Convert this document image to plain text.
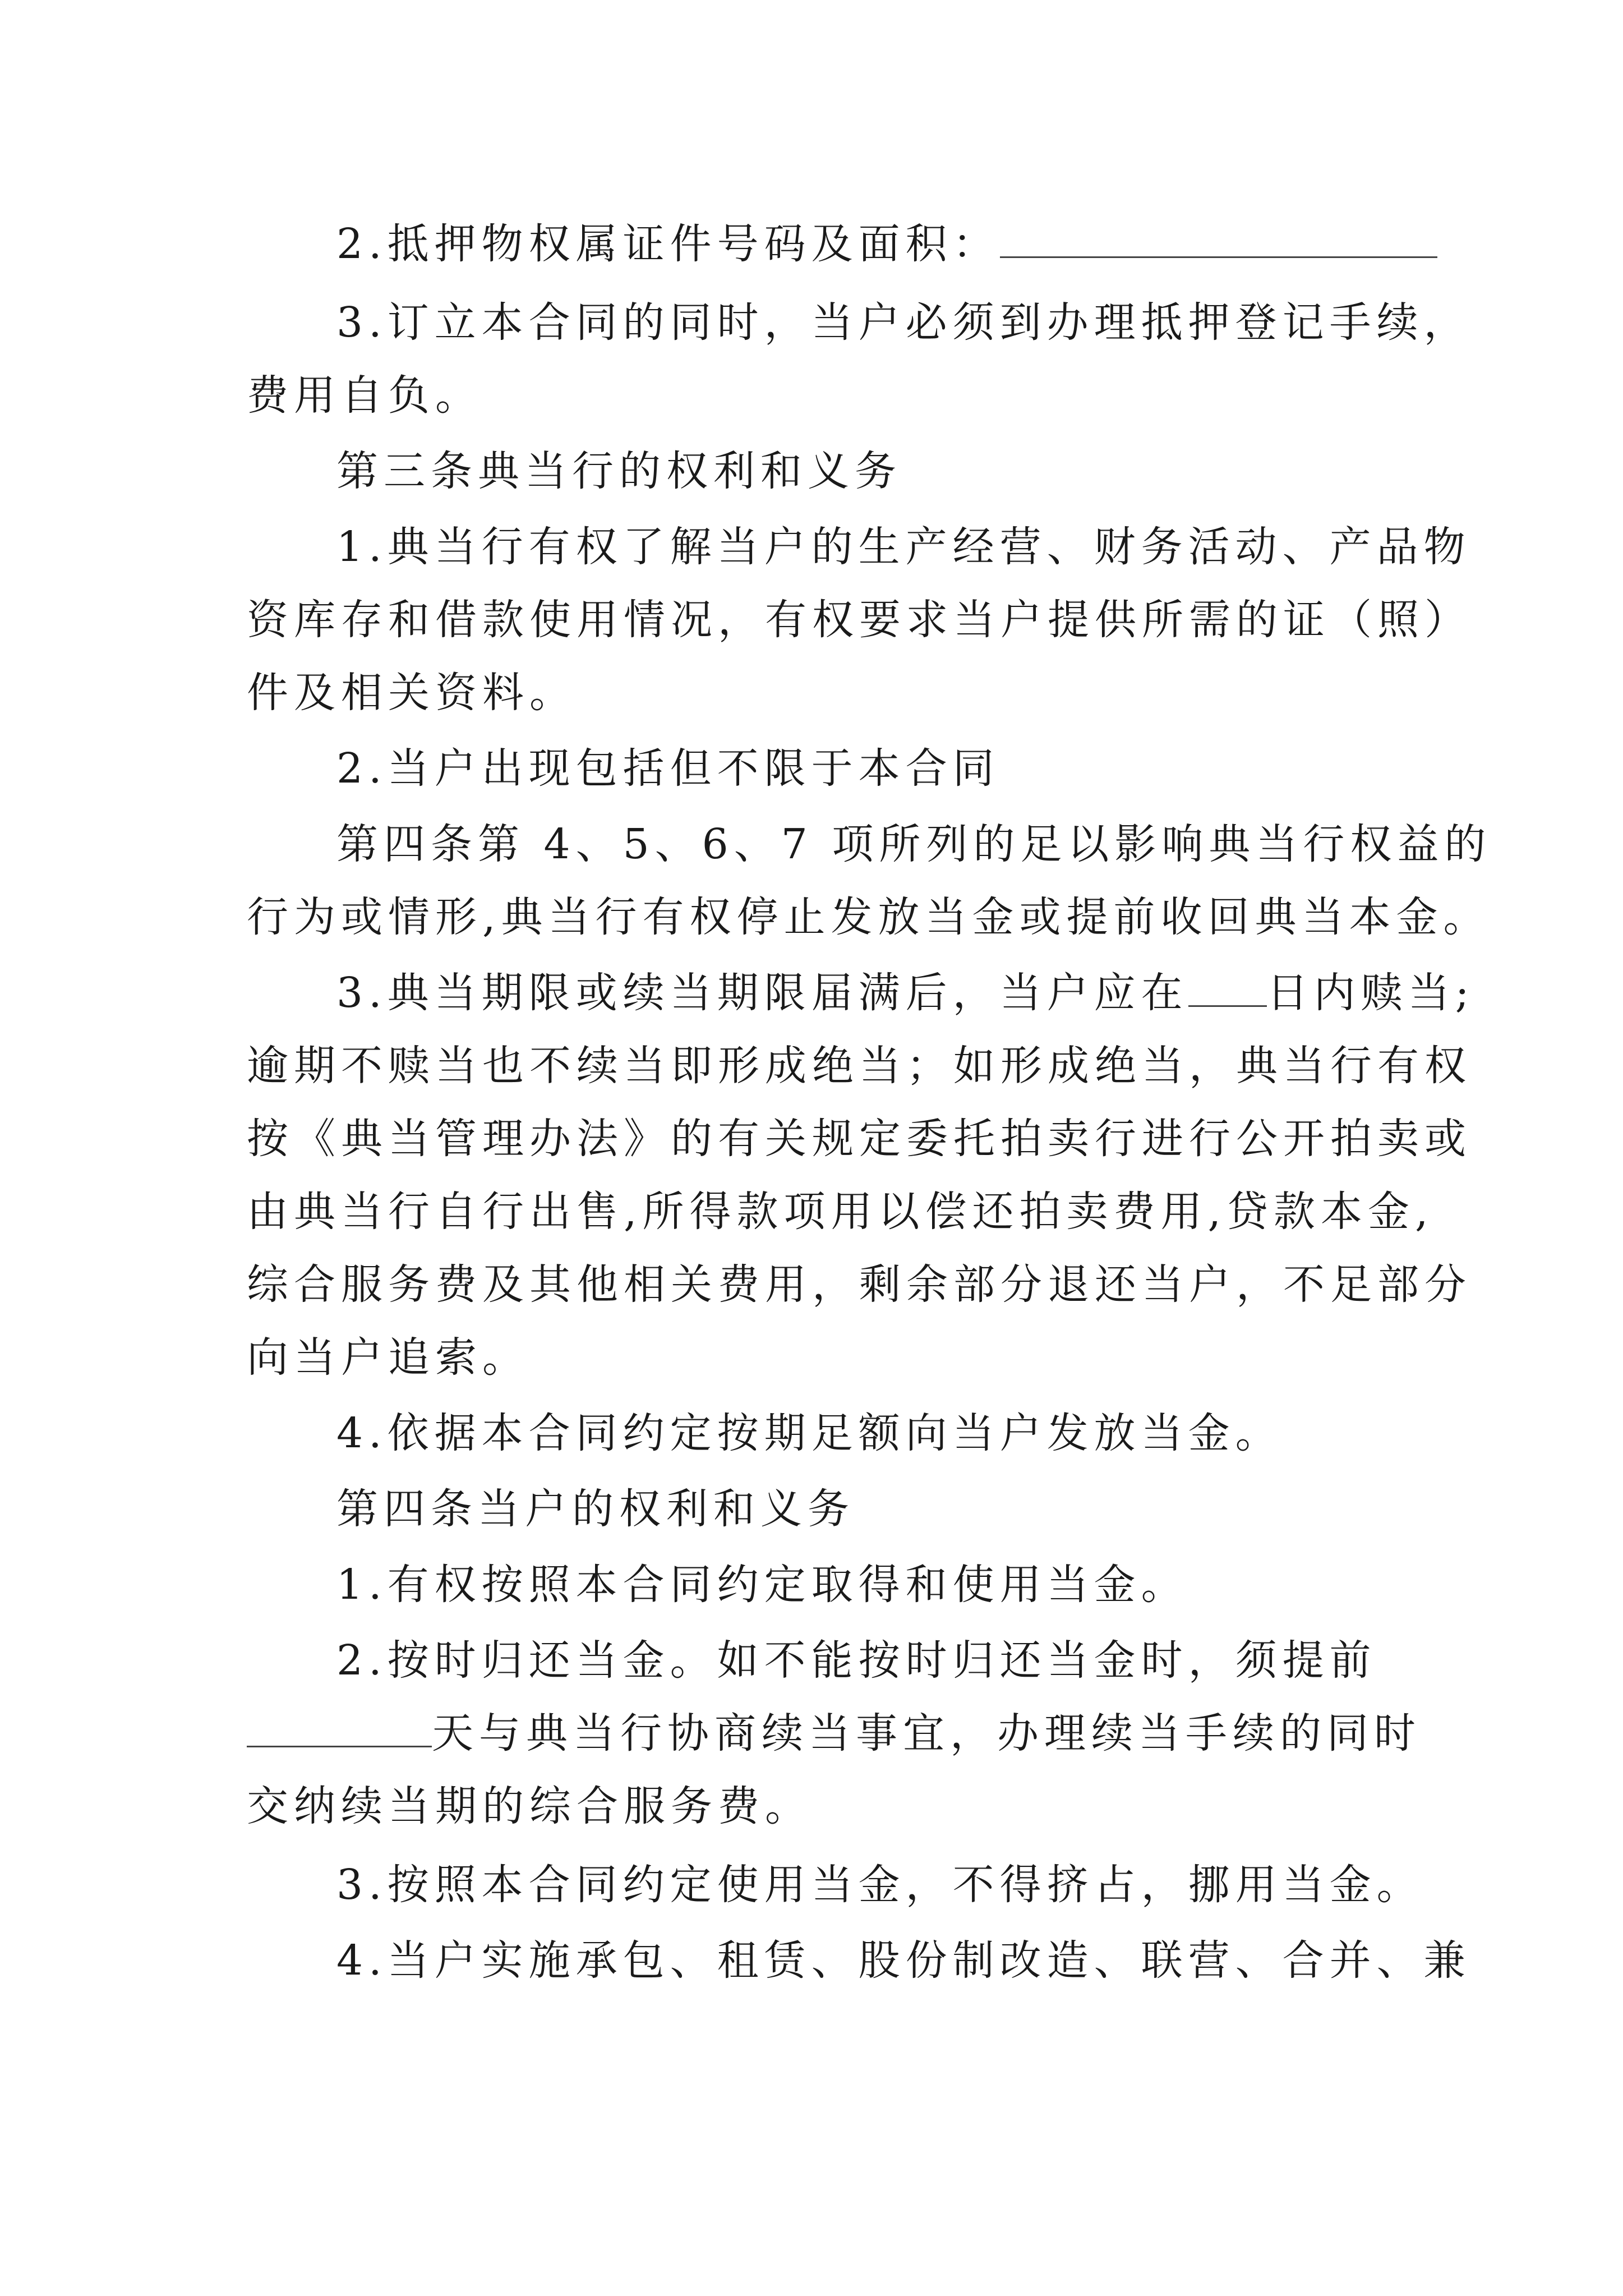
2.抵押物权属证件号码及面积：
3.订立本合同的同时，当户必须到办理抵押登记手续，
费用自负。
第三条典当行的权利和义务
1.典当行有权了解当户的生产经营、财务活动、产品物
资库存和借款使用情况，有权要求当户提供所需的证（照）
件及相关资料。
2.当户出现包括但不限于本合同
第四条第 4、5、6、7 项所列的足以影响典当行权益的
行为或情形,典当行有权停止发放当金或提前收回典当本金。
3.典当期限或续当期限届满后，当户应在 日内赎当;
逾期不赎当也不续当即形成绝当；如形成绝当，典当行有权
按《典当管理办法》的有关规定委托拍卖行进行公开拍卖或
由典当行自行出售,所得款项用以偿还拍卖费用,贷款本金,
综合服务费及其他相关费用，剩余部分退还当户，不足部分
向当户追索。
4.依据本合同约定按期足额向当户发放当金。
第四条当户的权利和义务
1.有权按照本合同约定取得和使用当金。
2.按时归还当金。如不能按时归还当金时，须提前
天与典当行协商续当事宜，办理续当手续的同时
交纳续当期的综合服务费。
3.按照本合同约定使用当金，不得挤占，挪用当金。
4.当户实施承包、租赁、股份制改造、联营、合并、兼
